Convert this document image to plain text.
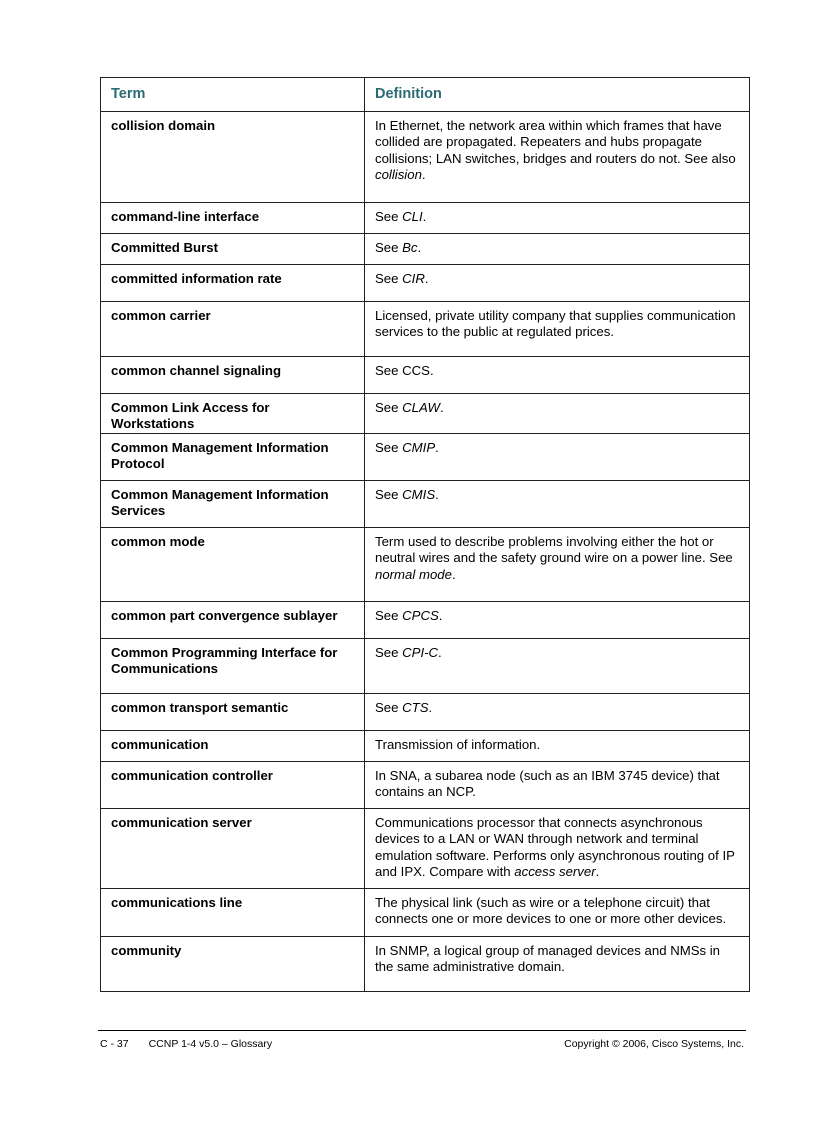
Term	Definition
collision domain	In Ethernet, the network area within which frames that have collided are propagated. Repeaters and hubs propagate collisions; LAN switches, bridges and routers do not. See also collision.
command-line interface	See CLI.
Committed Burst	See Bc.
committed information rate	See CIR.
common carrier	Licensed, private utility company that supplies communication services to the public at regulated prices.
common channel signaling	See CCS.
Common Link Access for Workstations	See CLAW.
Common Management Information Protocol	See CMIP.
Common Management Information Services	See CMIS.
common mode	Term used to describe problems involving either the hot or neutral wires and the safety ground wire on a power line. See normal mode.
common part convergence sublayer	See CPCS.
Common Programming Interface for Communications	See CPI-C.
common transport semantic	See CTS.
communication	Transmission of information.
communication controller	In SNA, a subarea node (such as an IBM 3745 device) that contains an NCP.
communication server	Communications processor that connects asynchronous devices to a LAN or WAN through network and terminal emulation software. Performs only asynchronous routing of IP and IPX. Compare with access server.
communications line	The physical link (such as wire or a telephone circuit) that connects one or more devices to one or more other devices.
community	In SNMP, a logical group of managed devices and NMSs in the same administrative domain.
C - 37 CCNP 1-4 v5.0 – Glossary	Copyright © 2006, Cisco Systems, Inc.
